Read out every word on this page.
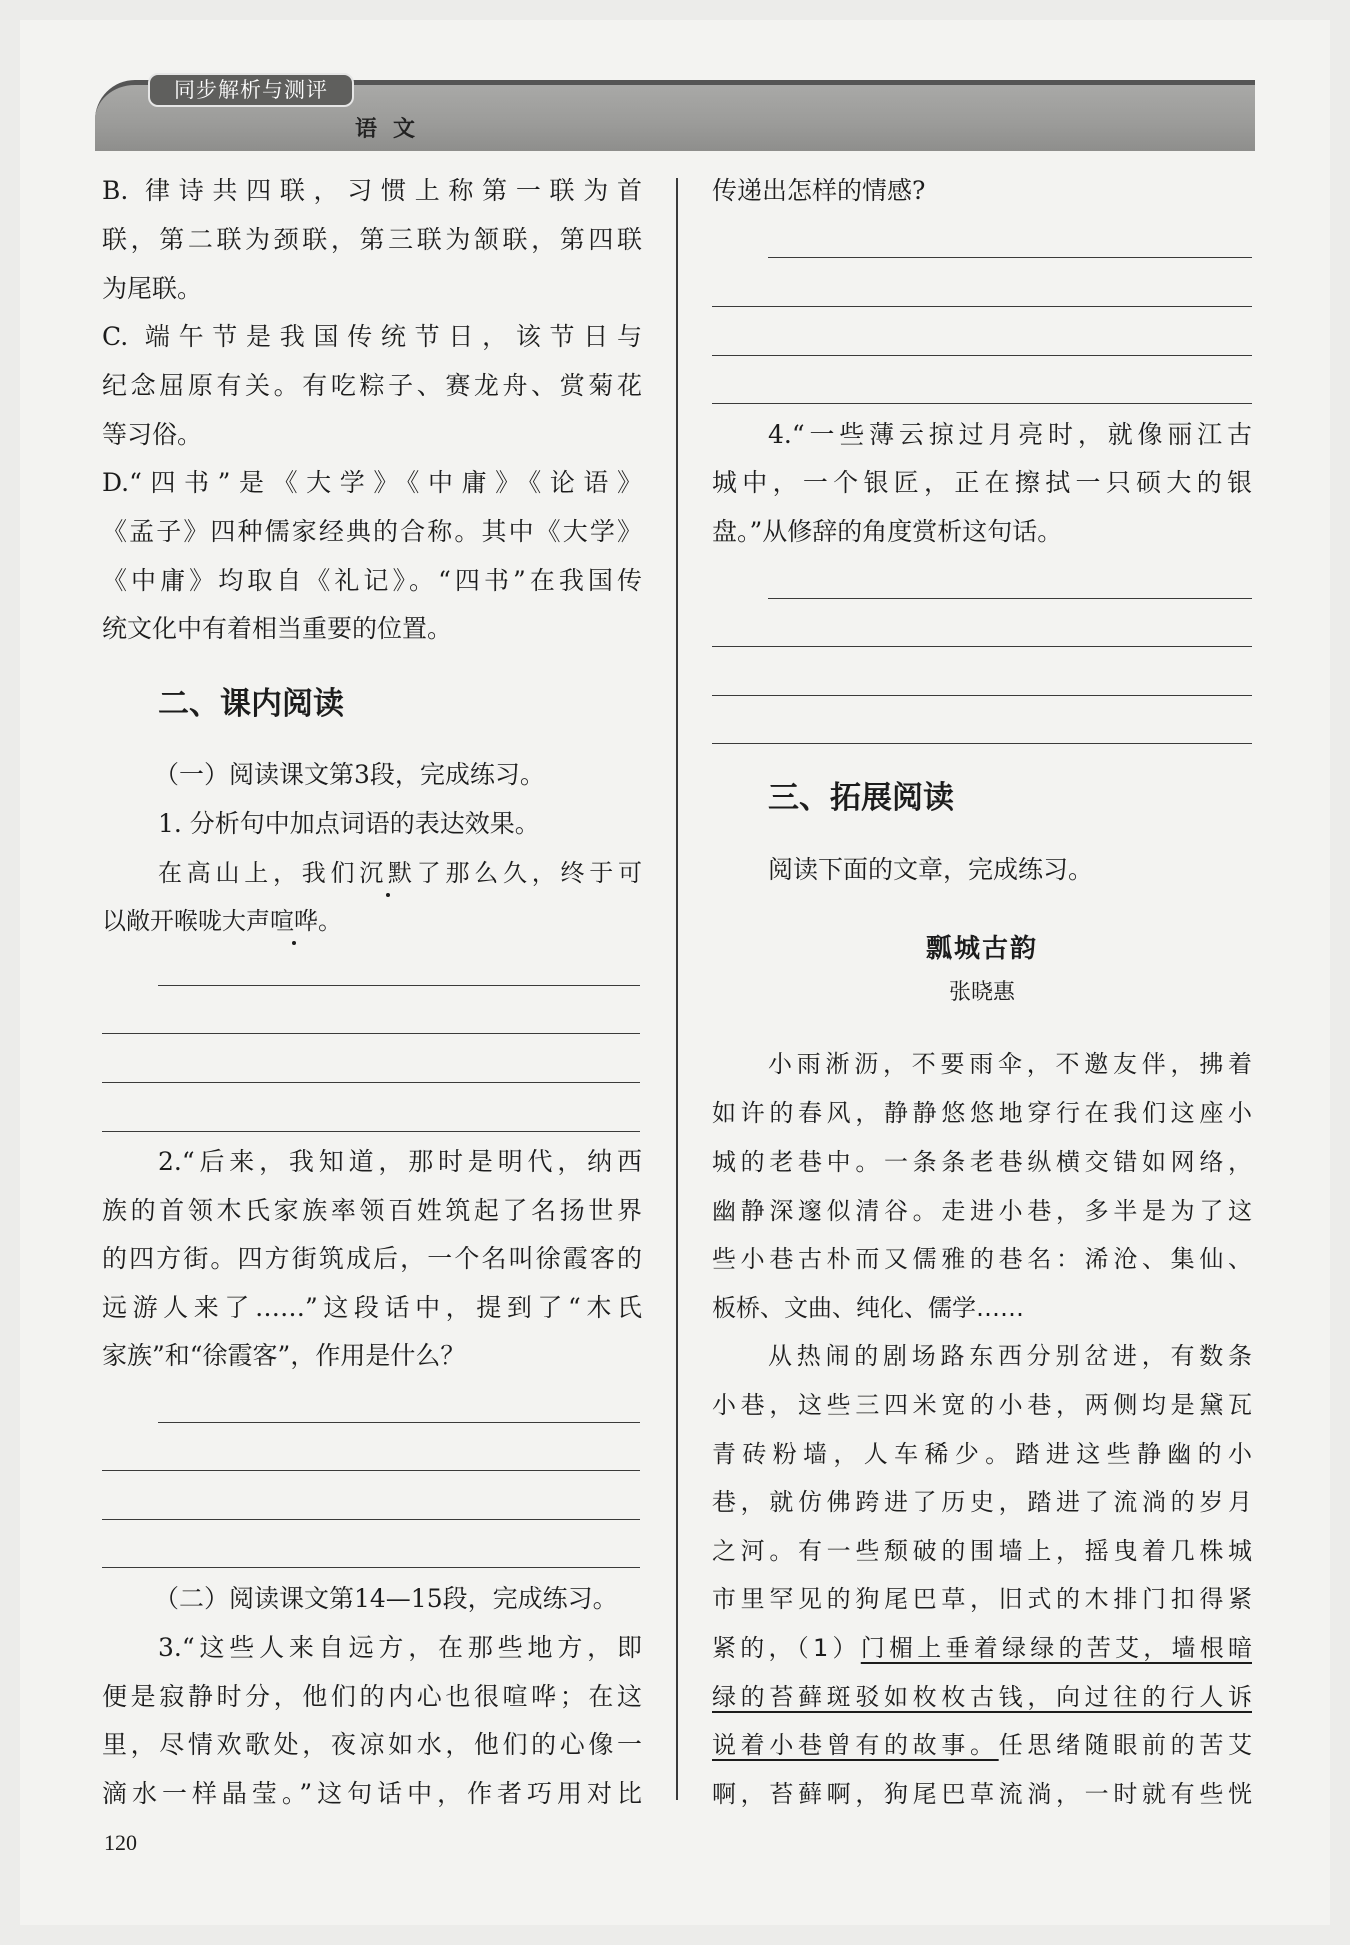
同步解析与测评
语文
B. 律诗共四联，习惯上称第一联为首
联，第二联为颈联，第三联为颔联，第四联
为尾联。
C. 端午节是我国传统节日，该节日与
纪念屈原有关。有吃粽子、赛龙舟、赏菊花
等习俗。
D.“四书”是《大学》《中庸》《论语》
《孟子》四种儒家经典的合称。其中《大学》
《中庸》均取自《礼记》。“四书”在我国传
统文化中有着相当重要的位置。
二、课内阅读
（一）阅读课文第3段，完成练习。
1. 分析句中加点词语的表达效果。
在高山上，我们沉默了那么久，终于可
以敞开喉咙大声喧哗。
2.“后来，我知道，那时是明代，纳西
族的首领木氏家族率领百姓筑起了名扬世界
的四方街。四方街筑成后，一个名叫徐霞客的
远游人来了……”这段话中，提到了“木氏
家族”和“徐霞客”，作用是什么？
（二）阅读课文第14—15段，完成练习。
3.“这些人来自远方，在那些地方，即
便是寂静时分，他们的内心也很喧哗；在这
里，尽情欢歌处，夜凉如水，他们的心像一
滴水一样晶莹。”这句话中，作者巧用对比
传递出怎样的情感?
4.“一些薄云掠过月亮时，就像丽江古
城中，一个银匠，正在擦拭一只硕大的银
盘。”从修辞的角度赏析这句话。
三、拓展阅读
阅读下面的文章，完成练习。
瓢城古韵
张晓惠
小雨淅沥，不要雨伞，不邀友伴，拂着
如许的春风，静静悠悠地穿行在我们这座小
城的老巷中。一条条老巷纵横交错如网络，
幽静深邃似清谷。走进小巷，多半是为了这
些小巷古朴而又儒雅的巷名：浠沧、集仙、
板桥、文曲、纯化、儒学……
从热闹的剧场路东西分别岔进，有数条
小巷，这些三四米宽的小巷，两侧均是黛瓦
青砖粉墙，人车稀少。踏进这些静幽的小
巷，就仿佛跨进了历史，踏进了流淌的岁月
之河。有一些颓破的围墙上，摇曳着几株城
市里罕见的狗尾巴草，旧式的木排门扣得紧
紧的，（1）门楣上垂着绿绿的苦艾，墙根暗
绿的苔藓斑驳如枚枚古钱，向过往的行人诉
说着小巷曾有的故事。任思绪随眼前的苦艾
啊，苔藓啊，狗尾巴草流淌，一时就有些恍
120
